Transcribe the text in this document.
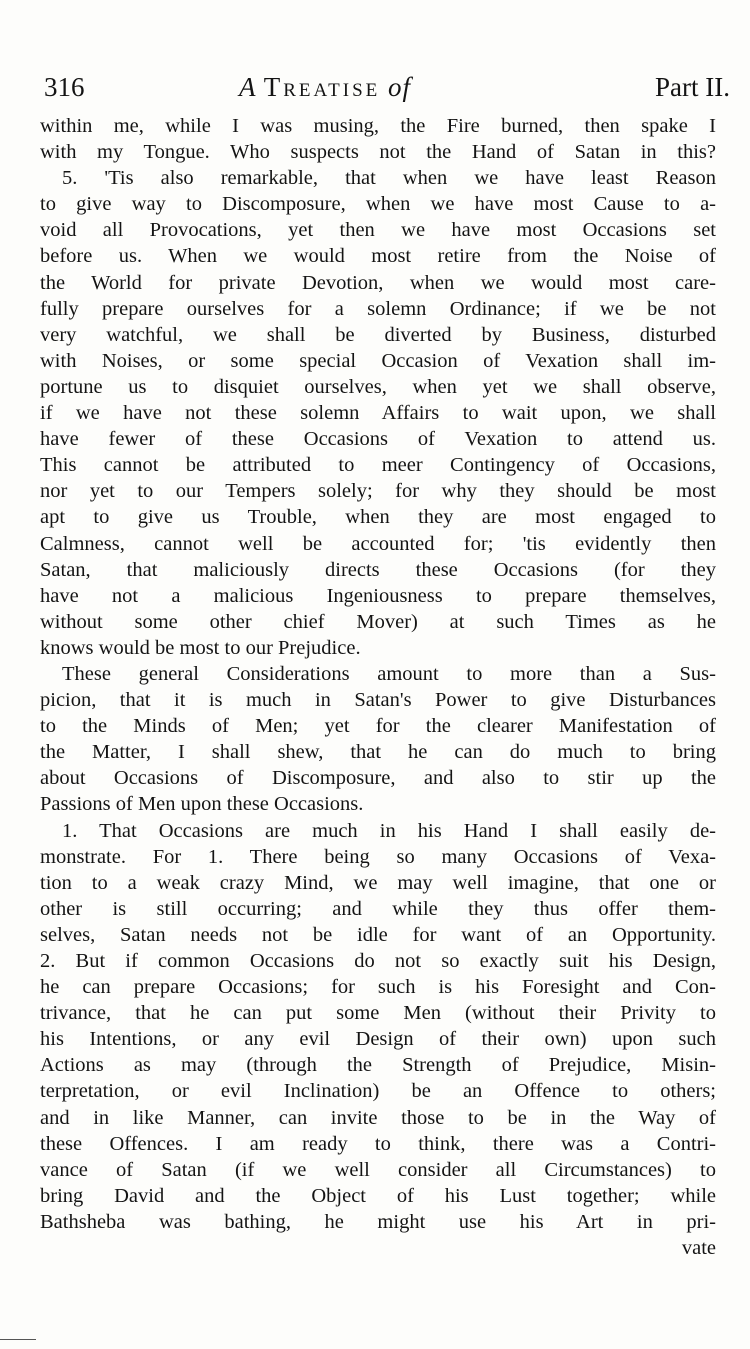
316	A Treatise of	Part II.
within me, while I was musing, the Fire burned, then spake I
with my Tongue. Who suspects not the Hand of Satan in this?
5. 'Tis also remarkable, that when we have least Reason
to give way to Discomposure, when we have most Cause to a-
void all Provocations, yet then we have most Occasions set
before us. When we would most retire from the Noise of
the World for private Devotion, when we would most care-
fully prepare ourselves for a solemn Ordinance; if we be not
very watchful, we shall be diverted by Business, disturbed
with Noises, or some special Occasion of Vexation shall im-
portune us to disquiet ourselves, when yet we shall observe,
if we have not these solemn Affairs to wait upon, we shall
have fewer of these Occasions of Vexation to attend us.
This cannot be attributed to meer Contingency of Occasions,
nor yet to our Tempers solely; for why they should be most
apt to give us Trouble, when they are most engaged to
Calmness, cannot well be accounted for; 'tis evidently then
Satan, that maliciously directs these Occasions (for they
have not a malicious Ingeniousness to prepare themselves,
without some other chief Mover) at such Times as he
knows would be most to our Prejudice.
These general Considerations amount to more than a Sus-
picion, that it is much in Satan's Power to give Disturbances
to the Minds of Men; yet for the clearer Manifestation of
the Matter, I shall shew, that he can do much to bring
about Occasions of Discomposure, and also to stir up the
Passions of Men upon these Occasions.
1. That Occasions are much in his Hand I shall easily de-
monstrate. For 1. There being so many Occasions of Vexa-
tion to a weak crazy Mind, we may well imagine, that one or
other is still occurring; and while they thus offer them-
selves, Satan needs not be idle for want of an Opportunity.
2. But if common Occasions do not so exactly suit his Design,
he can prepare Occasions; for such is his Foresight and Con-
trivance, that he can put some Men (without their Privity to
his Intentions, or any evil Design of their own) upon such
Actions as may (through the Strength of Prejudice, Misin-
terpretation, or evil Inclination) be an Offence to others;
and in like Manner, can invite those to be in the Way of
these Offences. I am ready to think, there was a Contri-
vance of Satan (if we well consider all Circumstances) to
bring David and the Object of his Lust together; while
Bathsheba was bathing, he might use his Art in pri-
vate
